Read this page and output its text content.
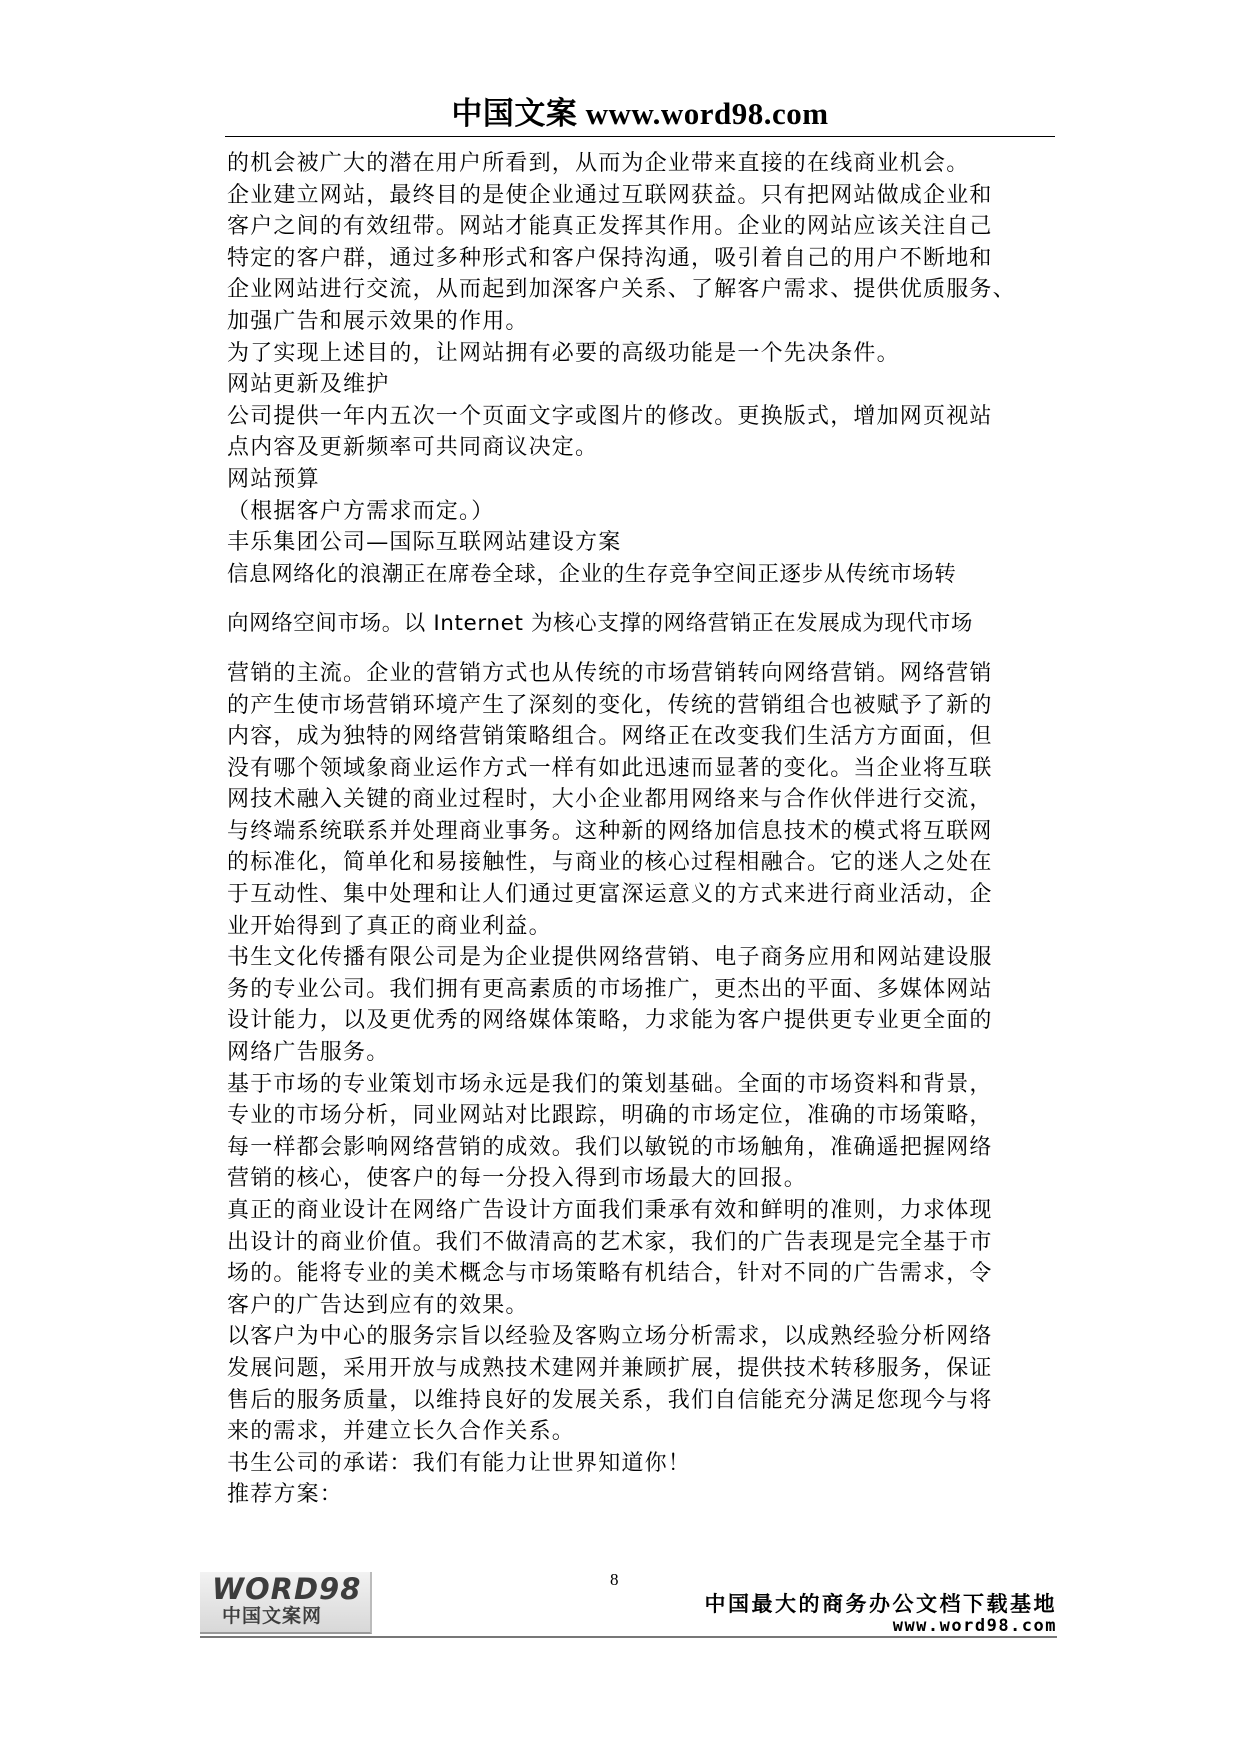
中国文案 www.word98.com

的机会被广大的潜在用户所看到，从而为企业带来直接的在线商业机会。

企业建立网站，最终目的是使企业通过互联网获益。只有把网站做成企业和

客户之间的有效纽带。网站才能真正发挥其作用。企业的网站应该关注自己

特定的客户群，通过多种形式和客户保持沟通，吸引着自己的用户不断地和

企业网站进行交流，从而起到加深客户关系、了解客户需求、提供优质服务、

加强广告和展示效果的作用。

为了实现上述目的，让网站拥有必要的高级功能是一个先决条件。

网站更新及维护

公司提供一年内五次一个页面文字或图片的修改。更换版式，增加网页视站

点内容及更新频率可共同商议决定。

网站预算

（根据客户方需求而定。）

丰乐集团公司—国际互联网站建设方案

信息网络化的浪潮正在席卷全球，企业的生存竞争空间正逐步从传统市场转

向网络空间市场。以 Internet 为核心支撑的网络营销正在发展成为现代市场

营销的主流。企业的营销方式也从传统的市场营销转向网络营销。网络营销

的产生使市场营销环境产生了深刻的变化，传统的营销组合也被赋予了新的

内容，成为独特的网络营销策略组合。网络正在改变我们生活方方面面，但

没有哪个领域象商业运作方式一样有如此迅速而显著的变化。当企业将互联

网技术融入关键的商业过程时，大小企业都用网络来与合作伙伴进行交流，

与终端系统联系并处理商业事务。这种新的网络加信息技术的模式将互联网

的标准化，简单化和易接触性，与商业的核心过程相融合。它的迷人之处在

于互动性、集中处理和让人们通过更富深运意义的方式来进行商业活动，企

业开始得到了真正的商业利益。

书生文化传播有限公司是为企业提供网络营销、电子商务应用和网站建设服

务的专业公司。我们拥有更高素质的市场推广，更杰出的平面、多媒体网站

设计能力，以及更优秀的网络媒体策略，力求能为客户提供更专业更全面的

网络广告服务。

基于市场的专业策划市场永远是我们的策划基础。全面的市场资料和背景，

专业的市场分析，同业网站对比跟踪，明确的市场定位，准确的市场策略，

每一样都会影响网络营销的成效。我们以敏锐的市场触角，准确遥把握网络

营销的核心，使客户的每一分投入得到市场最大的回报。

真正的商业设计在网络广告设计方面我们秉承有效和鲜明的准则，力求体现

出设计的商业价值。我们不做清高的艺术家，我们的广告表现是完全基于市

场的。能将专业的美术概念与市场策略有机结合，针对不同的广告需求，令

客户的广告达到应有的效果。

以客户为中心的服务宗旨以经验及客购立场分析需求，以成熟经验分析网络

发展问题，采用开放与成熟技术建网并兼顾扩展，提供技术转移服务，保证

售后的服务质量，以维持良好的发展关系，我们自信能充分满足您现今与将

来的需求，并建立长久合作关系。

书生公司的承诺：我们有能力让世界知道你！

推荐方案：

WORD98
中国文案网
8
中国最大的商务办公文档下载基地
www.word98.com
